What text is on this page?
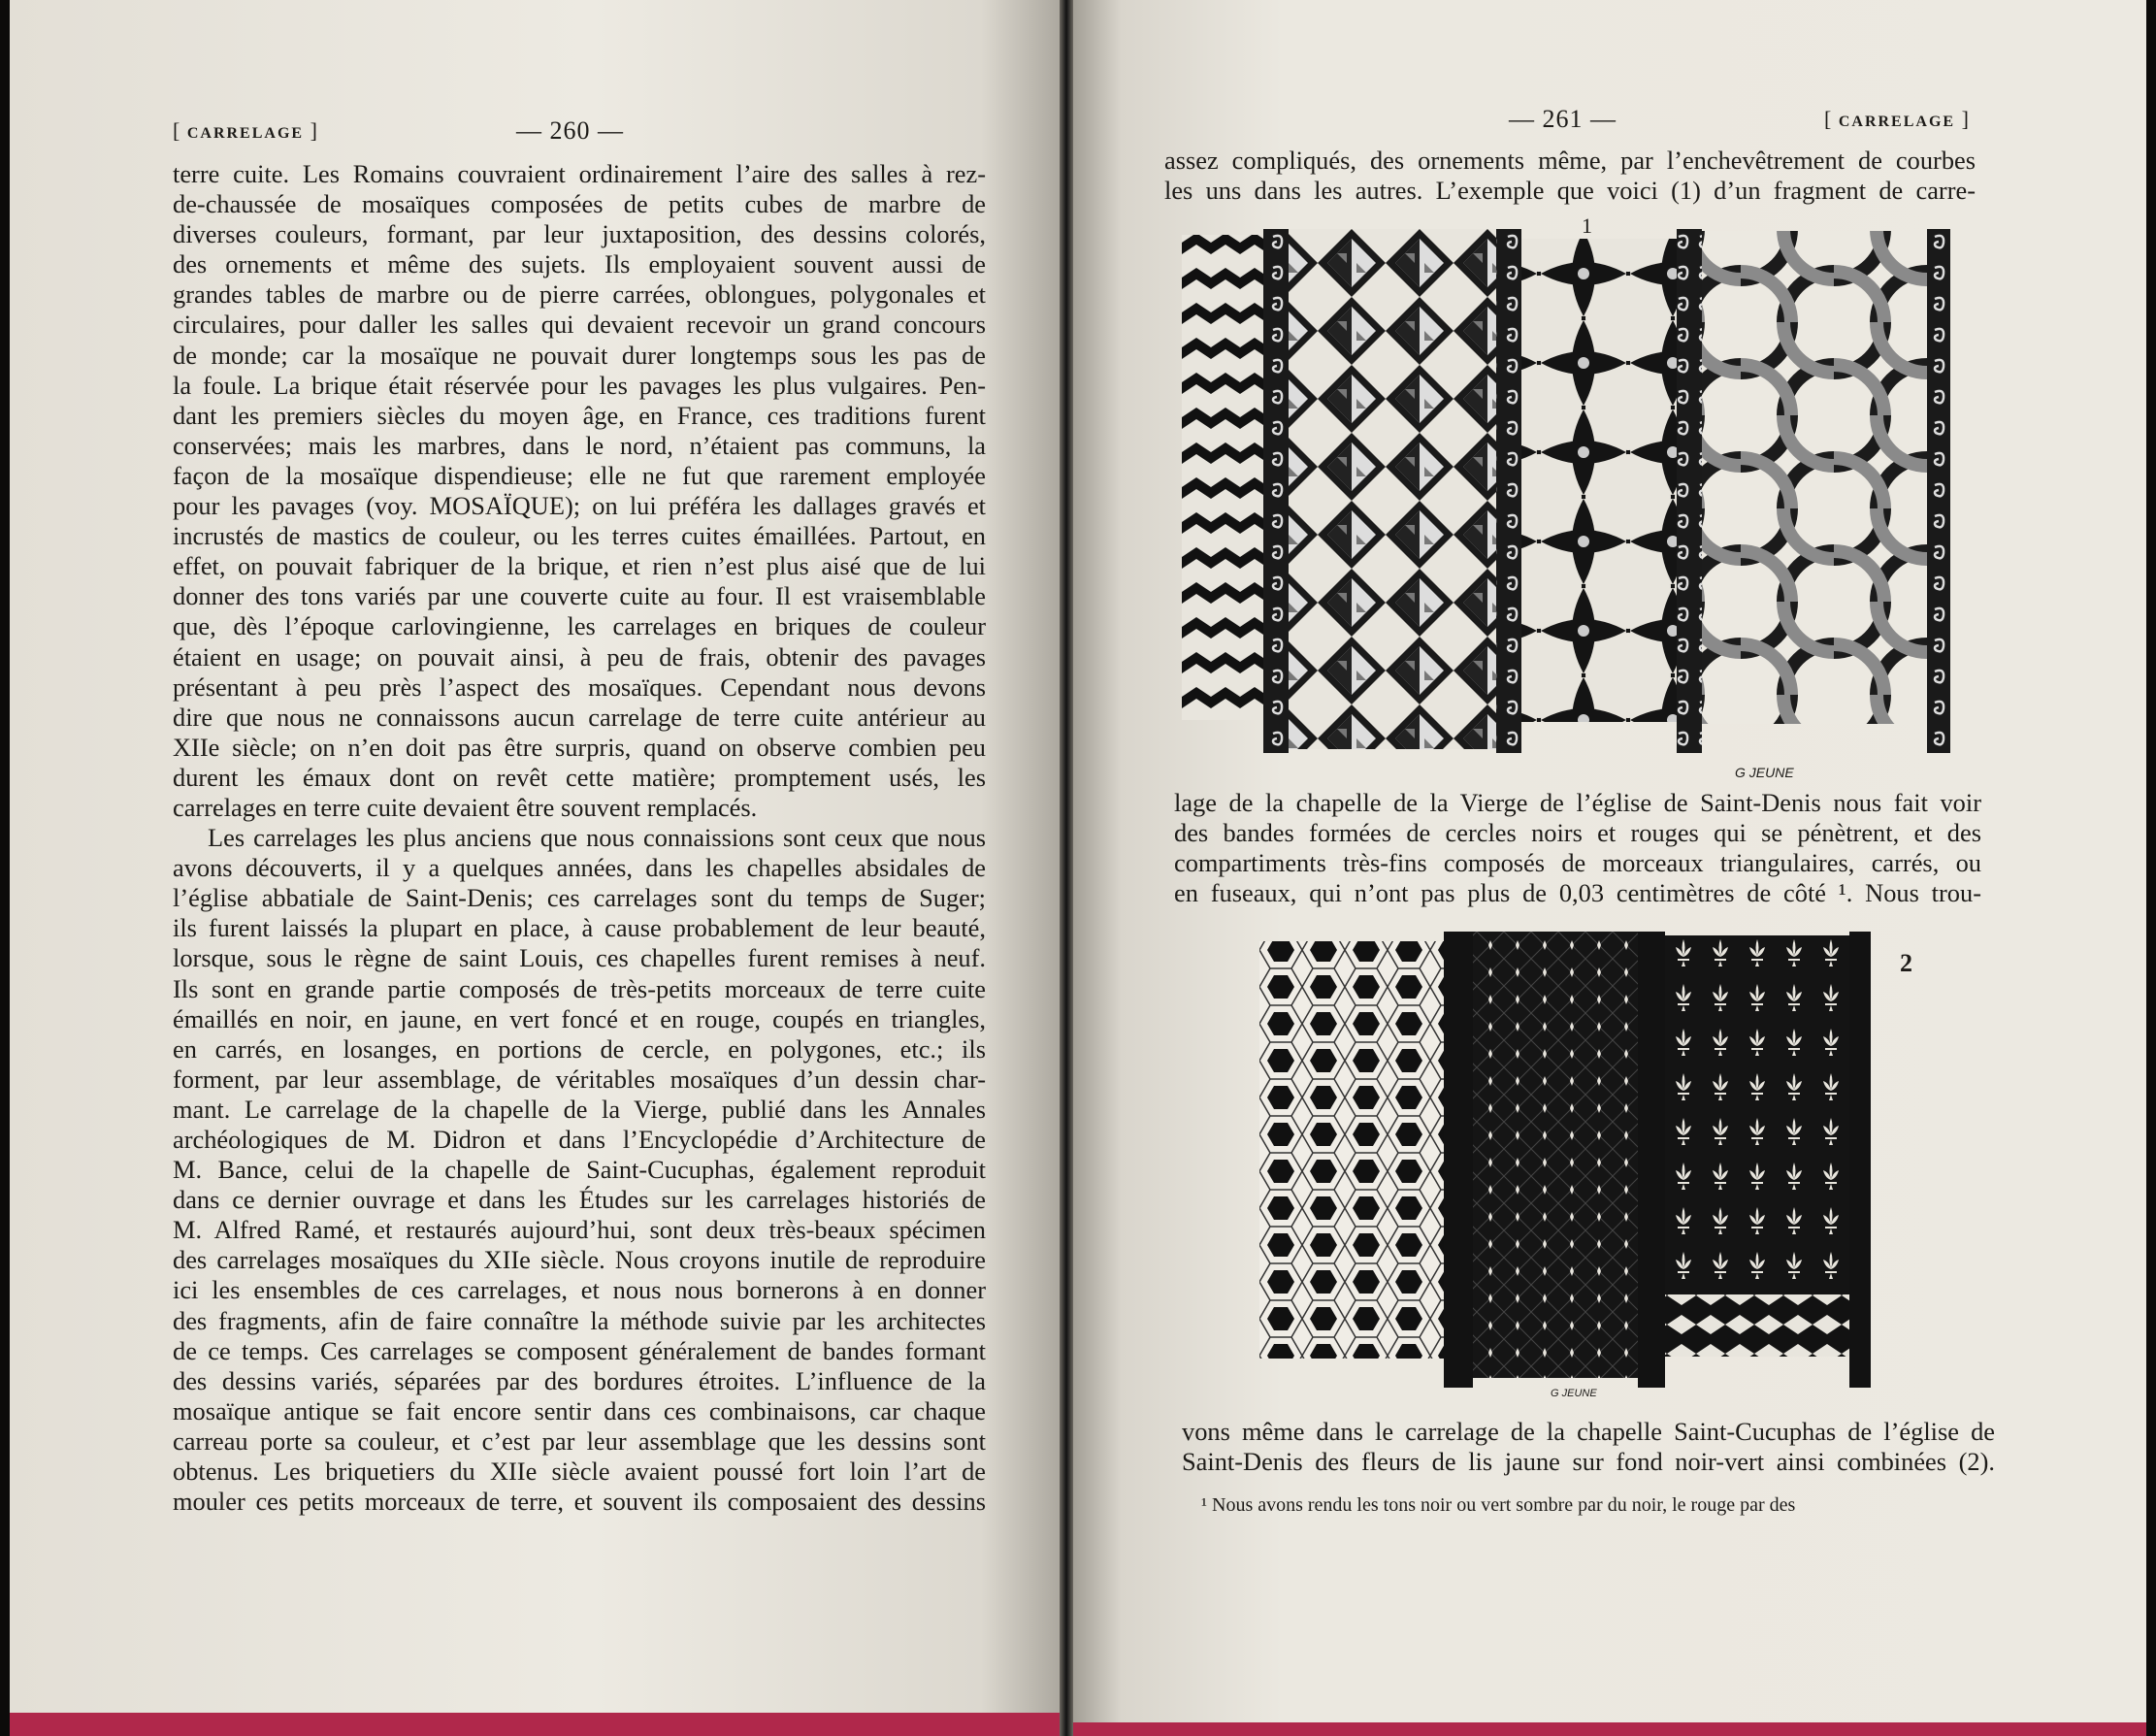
[ CARRELAGE ]	— 260 —
terre cuite. Les Romains couvraient ordinairement l’aire des salles à rez-
de-chaussée de mosaïques composées de petits cubes de marbre de
diverses couleurs, formant, par leur juxtaposition, des dessins colorés,
des ornements et même des sujets. Ils employaient souvent aussi de
grandes tables de marbre ou de pierre carrées, oblongues, polygonales et
circulaires, pour daller les salles qui devaient recevoir un grand concours
de monde; car la mosaïque ne pouvait durer longtemps sous les pas de
la foule. La brique était réservée pour les pavages les plus vulgaires. Pen-
dant les premiers siècles du moyen âge, en France, ces traditions furent
conservées; mais les marbres, dans le nord, n’étaient pas communs, la
façon de la mosaïque dispendieuse; elle ne fut que rarement employée
pour les pavages (voy. MOSAÏQUE); on lui préféra les dallages gravés et
incrustés de mastics de couleur, ou les terres cuites émaillées. Partout, en
effet, on pouvait fabriquer de la brique, et rien n’est plus aisé que de lui
donner des tons variés par une couverte cuite au four. Il est vraisemblable
que, dès l’époque carlovingienne, les carrelages en briques de couleur
étaient en usage; on pouvait ainsi, à peu de frais, obtenir des pavages
présentant à peu près l’aspect des mosaïques. Cependant nous devons
dire que nous ne connaissons aucun carrelage de terre cuite antérieur au
XIIe siècle; on n’en doit pas être surpris, quand on observe combien peu
durent les émaux dont on revêt cette matière; promptement usés, les
carrelages en terre cuite devaient être souvent remplacés.
Les carrelages les plus anciens que nous connaissions sont ceux que nous
avons découverts, il y a quelques années, dans les chapelles absidales de
l’église abbatiale de Saint-Denis; ces carrelages sont du temps de Suger;
ils furent laissés la plupart en place, à cause probablement de leur beauté,
lorsque, sous le règne de saint Louis, ces chapelles furent remises à neuf.
Ils sont en grande partie composés de très-petits morceaux de terre cuite
émaillés en noir, en jaune, en vert foncé et en rouge, coupés en triangles,
en carrés, en losanges, en portions de cercle, en polygones, etc.; ils
forment, par leur assemblage, de véritables mosaïques d’un dessin char-
mant. Le carrelage de la chapelle de la Vierge, publié dans les Annales
archéologiques de M. Didron et dans l’Encyclopédie d’Architecture de
M. Bance, celui de la chapelle de Saint-Cucuphas, également reproduit
dans ce dernier ouvrage et dans les Études sur les carrelages historiés de
M. Alfred Ramé, et restaurés aujourd’hui, sont deux très-beaux spécimen
des carrelages mosaïques du XIIe siècle. Nous croyons inutile de reproduire
ici les ensembles de ces carrelages, et nous nous bornerons à en donner
des fragments, afin de faire connaître la méthode suivie par les architectes
de ce temps. Ces carrelages se composent généralement de bandes formant
des dessins variés, séparées par des bordures étroites. L’influence de la
mosaïque antique se fait encore sentir dans ces combinaisons, car chaque
carreau porte sa couleur, et c’est par leur assemblage que les dessins sont
obtenus. Les briquetiers du XIIe siècle avaient poussé fort loin l’art de
mouler ces petits morceaux de terre, et souvent ils composaient des dessins
— 261 —	[ CARRELAGE ]
assez compliqués, des ornements même, par l’enchevêtrement de courbes
les uns dans les autres. L’exemple que voici (1) d’un fragment de carre-
1
G JEUNE
lage de la chapelle de la Vierge de l’église de Saint-Denis nous fait voir
des bandes formées de cercles noirs et rouges qui se pénètrent, et des
compartiments très-fins composés de morceaux triangulaires, carrés, ou
en fuseaux, qui n’ont pas plus de 0,03 centimètres de côté ¹. Nous trou-
2
G JEUNE
vons même dans le carrelage de la chapelle Saint-Cucuphas de l’église de
Saint-Denis des fleurs de lis jaune sur fond noir-vert ainsi combinées (2).
¹ Nous avons rendu les tons noir ou vert sombre par du noir, le rouge par des
